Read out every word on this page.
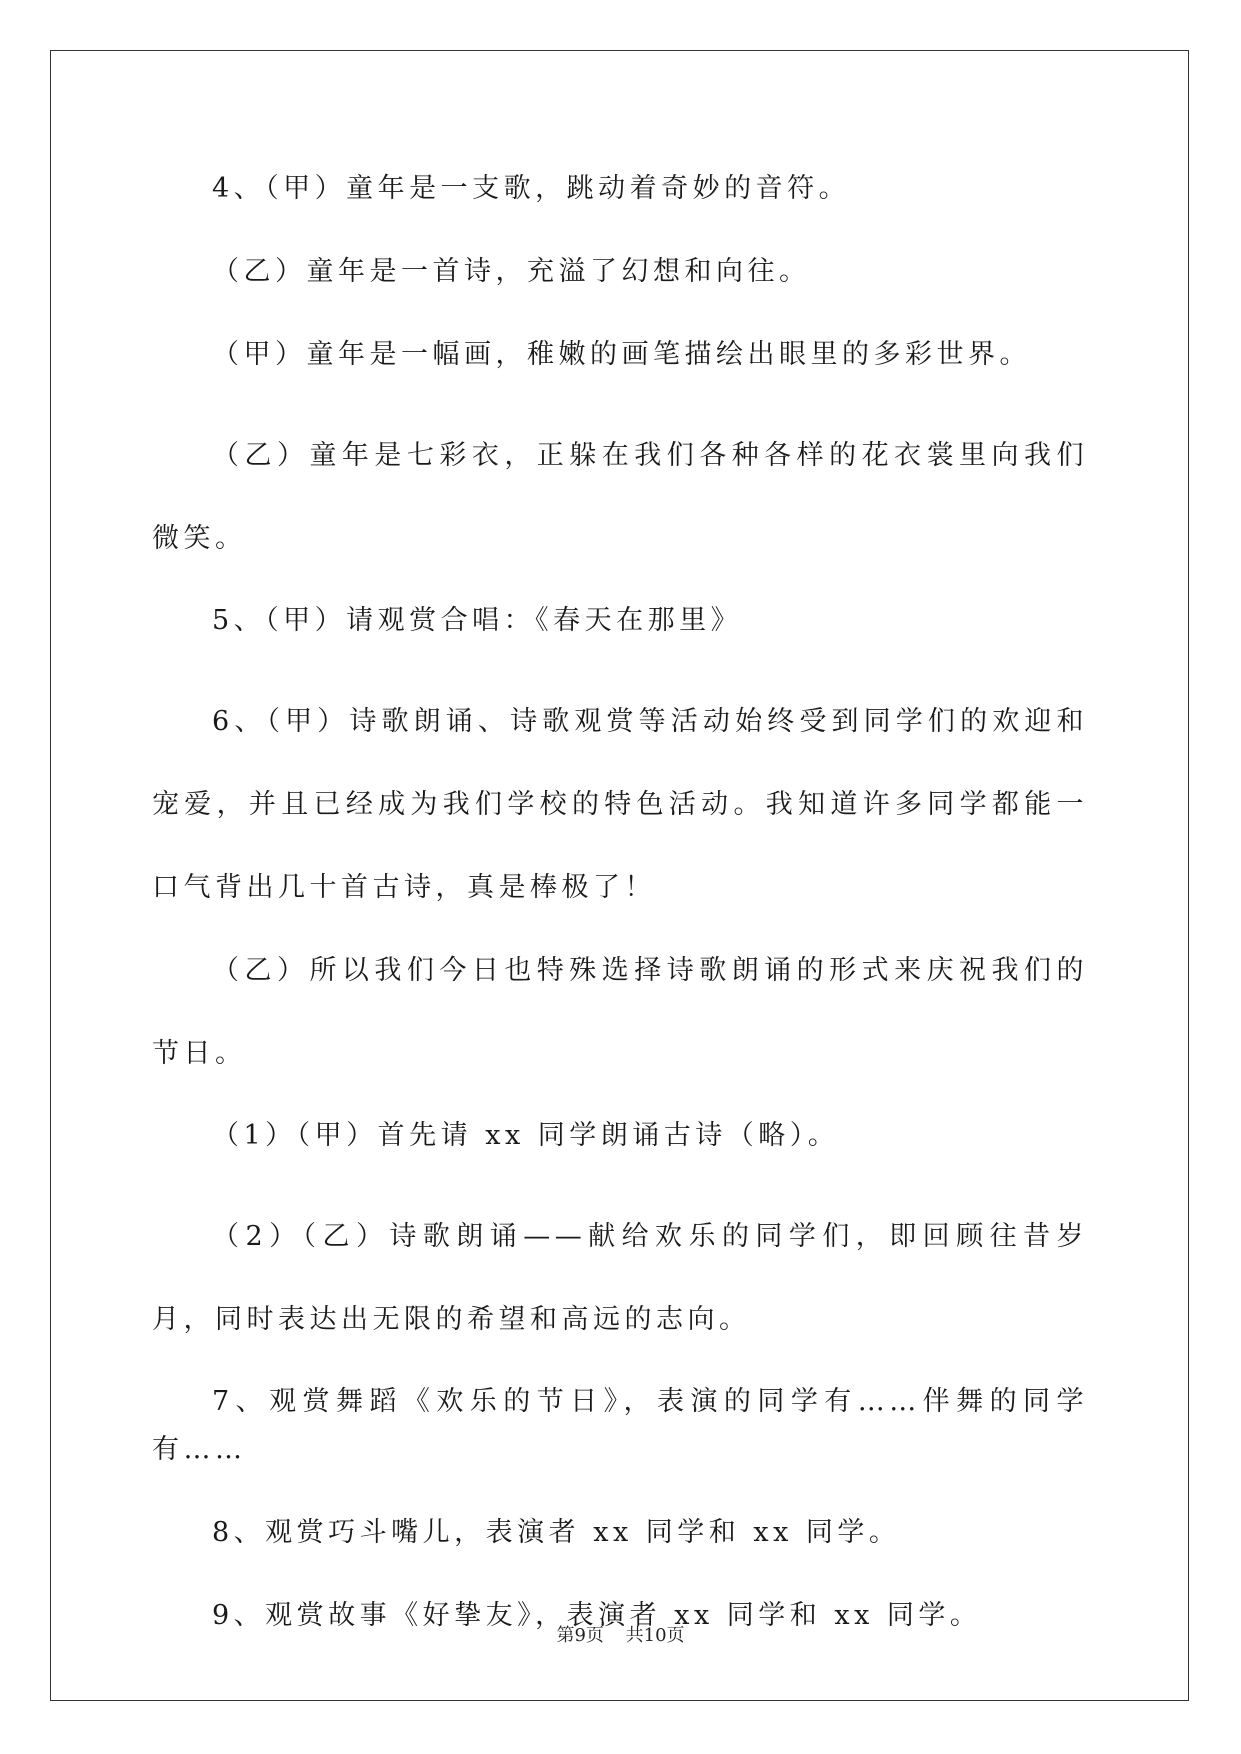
4、（甲）童年是一支歌，跳动着奇妙的音符。

（乙）童年是一首诗，充溢了幻想和向往。

（甲）童年是一幅画，稚嫩的画笔描绘出眼里的多彩世界。

（乙）童年是七彩衣，正躲在我们各种各样的花衣裳里向我们微笑。

5、（甲）请观赏合唱：《春天在那里》

6、（甲）诗歌朗诵、诗歌观赏等活动始终受到同学们的欢迎和宠爱，并且已经成为我们学校的特色活动。我知道许多同学都能一口气背出几十首古诗，真是棒极了！

（乙）所以我们今日也特殊选择诗歌朗诵的形式来庆祝我们的节日。

（1）（甲）首先请 xx 同学朗诵古诗（略）。

（2）（乙）诗歌朗诵——献给欢乐的同学们，即回顾往昔岁月，同时表达出无限的希望和高远的志向。

7、观赏舞蹈《欢乐的节日》，表演的同学有……伴舞的同学有……

8、观赏巧斗嘴儿，表演者 xx 同学和 xx 同学。

9、观赏故事《好挚友》，表演者 xx 同学和 xx 同学。

第9页 共10页
